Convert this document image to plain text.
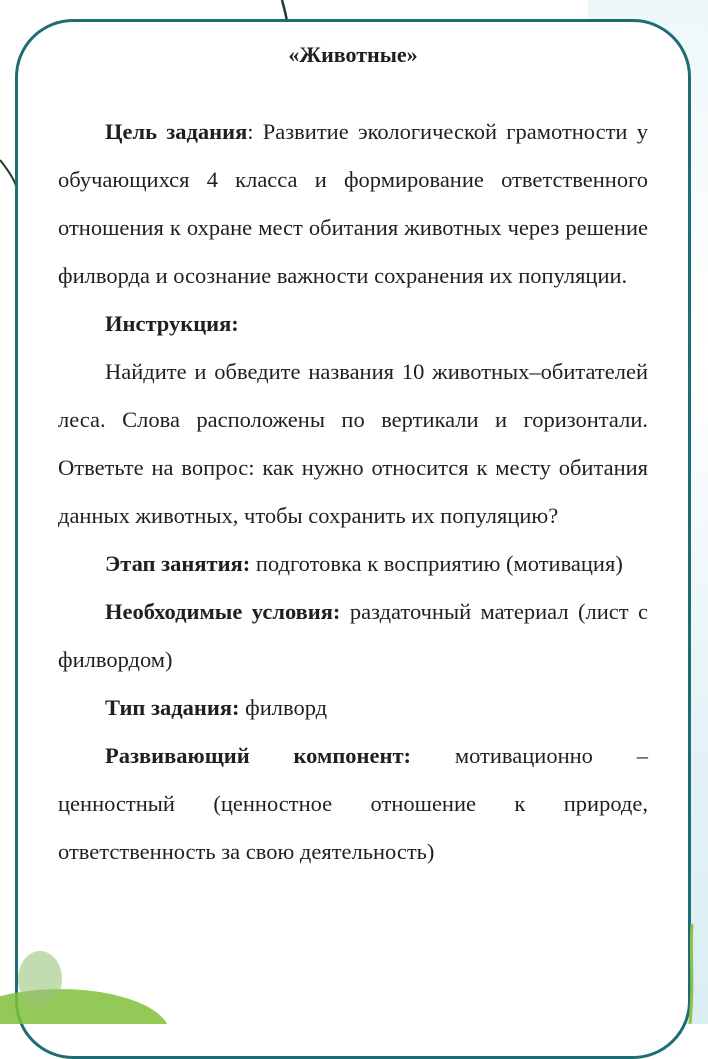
«Животные»

Цель задания: Развитие экологической грамотности у обучающихся 4 класса и формирование ответственного отношения к охране мест обитания животных через решение филворда и осознание важности сохранения их популяции.

Инструкция:

Найдите и обведите названия 10 животных–обитателей леса. Слова расположены по вертикали и горизонтали. Ответьте на вопрос: как нужно относится к месту обитания данных животных, чтобы сохранить их популяцию?

Этап занятия: подготовка к восприятию (мотивация)

Необходимые условия: раздаточный материал (лист с филвордом)

Тип задания: филворд

Развивающий компонент: мотивационно – ценностный (ценностное отношение к природе, ответственность за свою деятельность)
